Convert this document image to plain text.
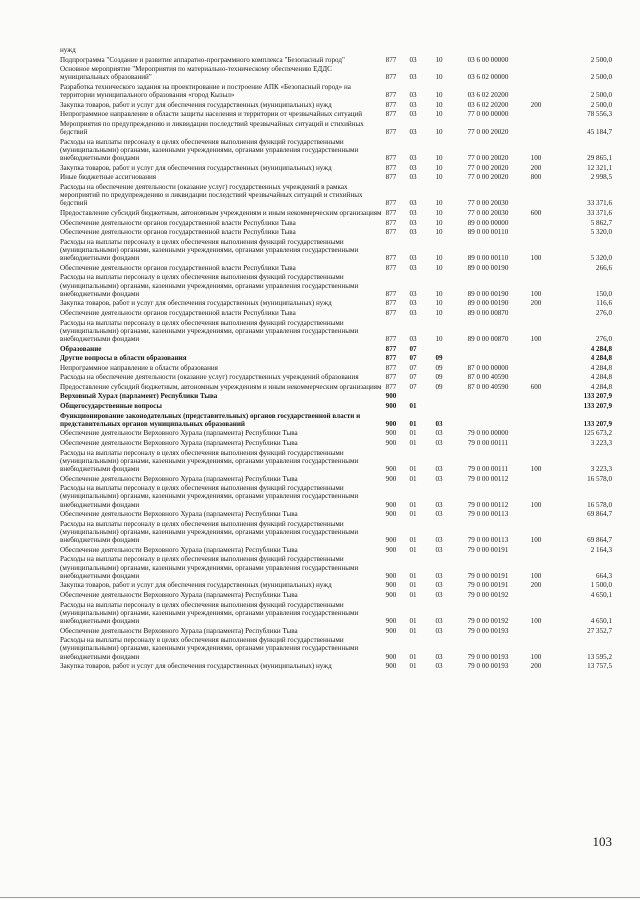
нужд						
Подпрограмма "Создание и развитие аппаратно-программного комплекса "Безопасный город"	877	03	10	03 6 00 00000		2 500,0
Основное мероприятие "Мероприятия по материально-техническому обеспечению ЕДДС муниципальных образований"	877	03	10	03 6 02 00000		2 500,0
Разработка технического задания на проектирование и построение АПК «Безопасный город» на территории муниципального образования «город Кызыл»	877	03	10	03 6 02 20200		2 500,0
Закупка товаров, работ и услуг для обеспечения государственных (муниципальных) нужд	877	03	10	03 6 02 20200	200	2 500,0
Непрограммное направление в области защиты населения и территории от чрезвычайных ситуаций	877	03	10	77 0 00 00000		78 556,3
Мероприятия по предупреждению и ликвидации последствий чрезвычайных ситуаций и стихийных бедствий	877	03	10	77 0 00 20020		45 184,7
Расходы на выплаты персоналу в целях обеспечения выполнения функций государственными (муниципальными) органами, казенными учреждениями, органами управления государственными внебюджетными фондами	877	03	10	77 0 00 20020	100	29 865,1
Закупка товаров, работ и услуг для обеспечения государственных (муниципальных) нужд	877	03	10	77 0 00 20020	200	12 321,1
Иные бюджетные ассигнования	877	03	10	77 0 00 20020	800	2 998,5
Расходы на обеспечение деятельности (оказание услуг) государственных учреждений в рамках мероприятий по предупреждению и ликвидации последствий чрезвычайных ситуаций и стихийных бедствий	877	03	10	77 0 00 20030		33 371,6
Предоставление субсидий бюджетным, автономным учреждениям и иным некоммерческим организациям	877	03	10	77 0 00 20030	600	33 371,6
Обеспечение деятельности органов государственной власти Республики Тыва	877	03	10	89 0 00 00000		5 862,7
Обеспечение деятельности органов государственной власти Республики Тыва	877	03	10	89 0 00 00110		5 320,0
Расходы на выплаты персоналу в целях обеспечения выполнения функций государственными (муниципальными) органами, казенными учреждениями, органами управления государственными внебюджетными фондами	877	03	10	89 0 00 00110	100	5 320,0
Обеспечение деятельности органов государственной власти Республики Тыва	877	03	10	89 0 00 00190		266,6
Расходы на выплаты персоналу в целях обеспечения выполнения функций государственными (муниципальными) органами, казенными учреждениями, органами управления государственными внебюджетными фондами	877	03	10	89 0 00 00190	100	150,0
Закупка товаров, работ и услуг для обеспечения государственных (муниципальных) нужд	877	03	10	89 0 00 00190	200	116,6
Обеспечение деятельности органов государственной власти Республики Тыва	877	03	10	89 0 00 00870		276,0
Расходы на выплаты персоналу в целях обеспечения выполнения функций государственными (муниципальными) органами, казенными учреждениями, органами управления государственными внебюджетными фондами	877	03	10	89 0 00 00870	100	276,0
Образование	877	07				4 284,8
Другие вопросы в области образования	877	07	09			4 284,8
Непрограммное направление в области образования	877	07	09	87 0 00 00000		4 284,8
Расходы на обеспечение деятельности (оказание услуг) государственных учреждений образования	877	07	09	87 0 00 40590		4 284,8
Предоставление субсидий бюджетным, автономным учреждениям и иным некоммерческим организациям	877	07	09	87 0 00 40590	600	4 284,8
Верховный Хурал (парламент) Республики Тыва	900					133 207,9
Общегосударственные вопросы	900	01				133 207,9
Функционирование законодательных (представительных) органов государственной власти и представительных органов муниципальных образований	900	01	03			133 207,9
Обеспечение деятельности Верховного Хурала (парламента) Республики Тыва	900	01	03	79 0 00 00000		125 673,2
Обеспечение деятельности Верховного Хурала (парламента) Республики Тыва	900	01	03	79 0 00 00111		3 223,3
Расходы на выплаты персоналу в целях обеспечения выполнения функций государственными (муниципальными) органами, казенными учреждениями, органами управления государственными внебюджетными фондами	900	01	03	79 0 00 00111	100	3 223,3
Обеспечение деятельности Верховного Хурала (парламента) Республики Тыва	900	01	03	79 0 00 00112		16 578,0
Расходы на выплаты персоналу в целях обеспечения выполнения функций государственными (муниципальными) органами, казенными учреждениями, органами управления государственными внебюджетными фондами	900	01	03	79 0 00 00112	100	16 578,0
Обеспечение деятельности Верховного Хурала (парламента) Республики Тыва	900	01	03	79 0 00 00113		69 864,7
Расходы на выплаты персоналу в целях обеспечения выполнения функций государственными (муниципальными) органами, казенными учреждениями, органами управления государственными внебюджетными фондами	900	01	03	79 0 00 00113	100	69 864,7
Обеспечение деятельности Верховного Хурала (парламента) Республики Тыва	900	01	03	79 0 00 00191		2 164,3
Расходы на выплаты персоналу в целях обеспечения выполнения функций государственными (муниципальными) органами, казенными учреждениями, органами управления государственными внебюджетными фондами	900	01	03	79 0 00 00191	100	664,3
Закупка товаров, работ и услуг для обеспечения государственных (муниципальных) нужд	900	01	03	79 0 00 00191	200	1 500,0
Обеспечение деятельности Верховного Хурала (парламента) Республики Тыва	900	01	03	79 0 00 00192		4 650,1
Расходы на выплаты персоналу в целях обеспечения выполнения функций государственными (муниципальными) органами, казенными учреждениями, органами управления государственными внебюджетными фондами	900	01	03	79 0 00 00192	100	4 650,1
Обеспечение деятельности Верховного Хурала (парламента) Республики Тыва	900	01	03	79 0 00 00193		27 352,7
Расходы на выплаты персоналу в целях обеспечения выполнения функций государственными (муниципальными) органами, казенными учреждениями, органами управления государственными внебюджетными фондами	900	01	03	79 0 00 00193	100	13 595,2
Закупка товаров, работ и услуг для обеспечения государственных (муниципальных) нужд	900	01	03	79 0 00 00193	200	13 757,5
103
